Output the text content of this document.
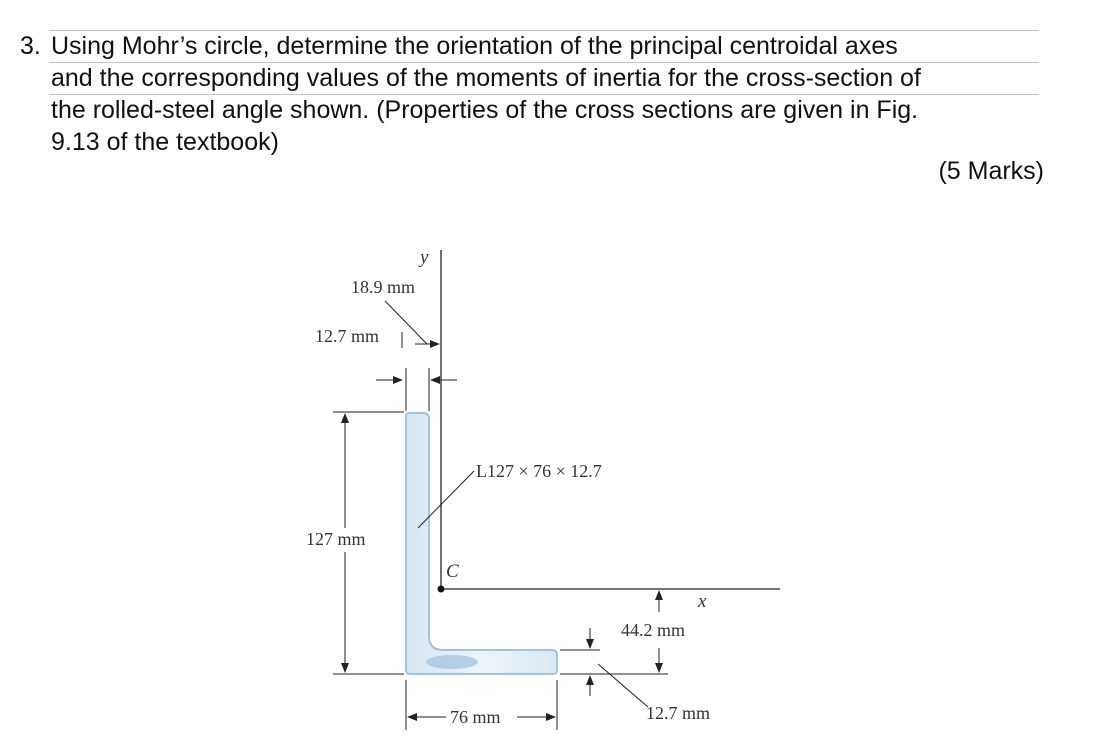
3. Using Mohr’s circle, determine the orientation of the principal centroidal axes
and the corresponding values of the moments of inertia for the cross-section of
the rolled-steel angle shown. (Properties of the cross sections are given in Fig.
9.13 of the textbook)
(5 Marks)
y
x
C
L127 × 76 × 12.7
18.9 mm
12.7 mm
127 mm
44.2 mm
12.7 mm
76 mm
